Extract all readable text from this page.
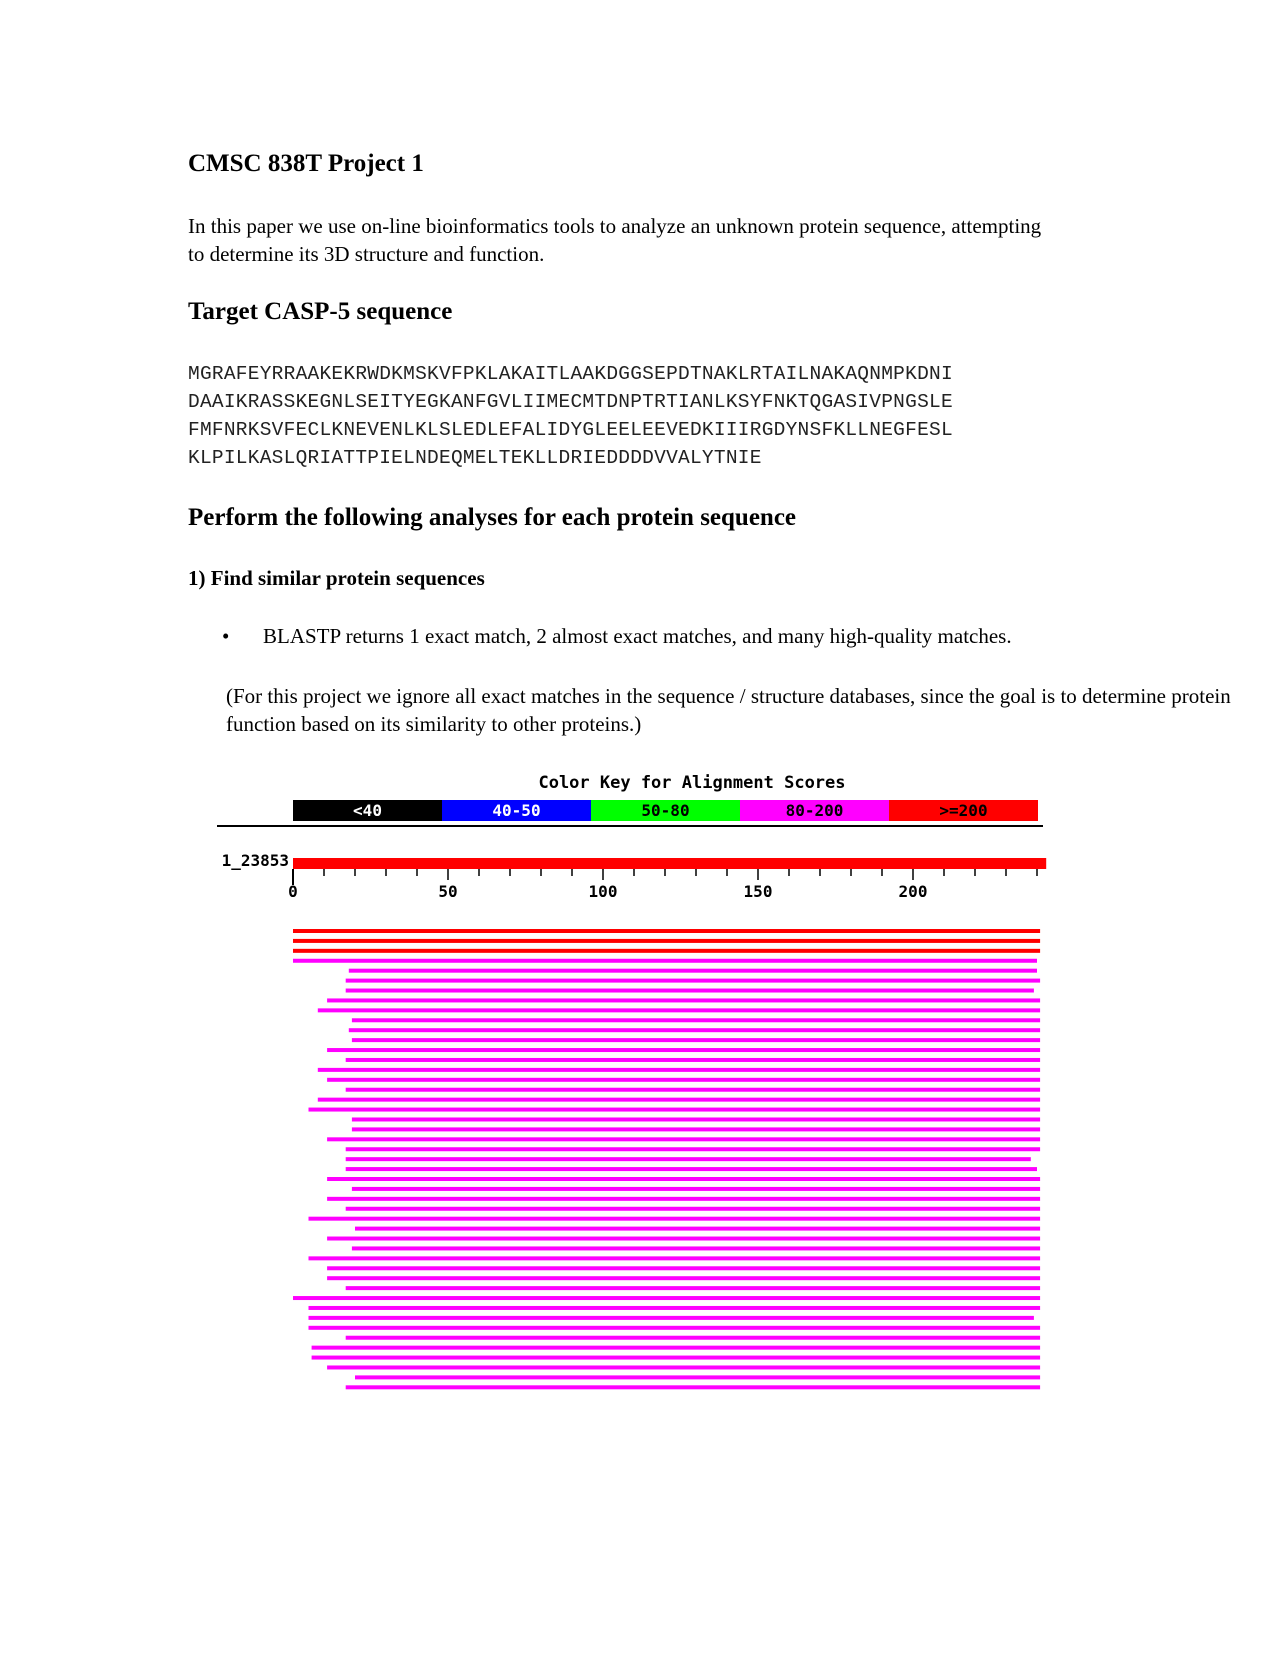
CMSC 838T Project 1

In this paper we use on-line bioinformatics tools to analyze an unknown protein sequence, attempting to determine its 3D structure and function.

Target CASP-5 sequence
MGRAFEYRRAAKEKRWDKMSKVFPKLAKAITLAAKDGGSEPDTNAKLRTAILNAKAQNMPKDNI
DAAIKRASSKEGNLSEITYEGKANFGVLIIMECMTDNPTRTIANLKSYFNKTQGASIVPNGSLE
FMFNRKSVFECLKNEVENLKLSLEDLEFALIDYGLEELEEVEDKIIIRGDYNSFKLLNEGFESL
KLPILKASLQRIATTPIELNDEQMELTEKLLDRIEDDDDVVALYTNIE
Perform the following analyses for each protein sequence
1) Find similar protein sequences
• BLASTP returns 1 exact match, 2 almost exact matches, and many high-quality matches.

(For this project we ignore all exact matches in the sequence / structure databases, since the goal is to determine protein function based on its similarity to other proteins.)

Color Key for Alignment Scores
<40	40-50	50-80	80-200	>=200
1_23853
0	50	100	150	200
